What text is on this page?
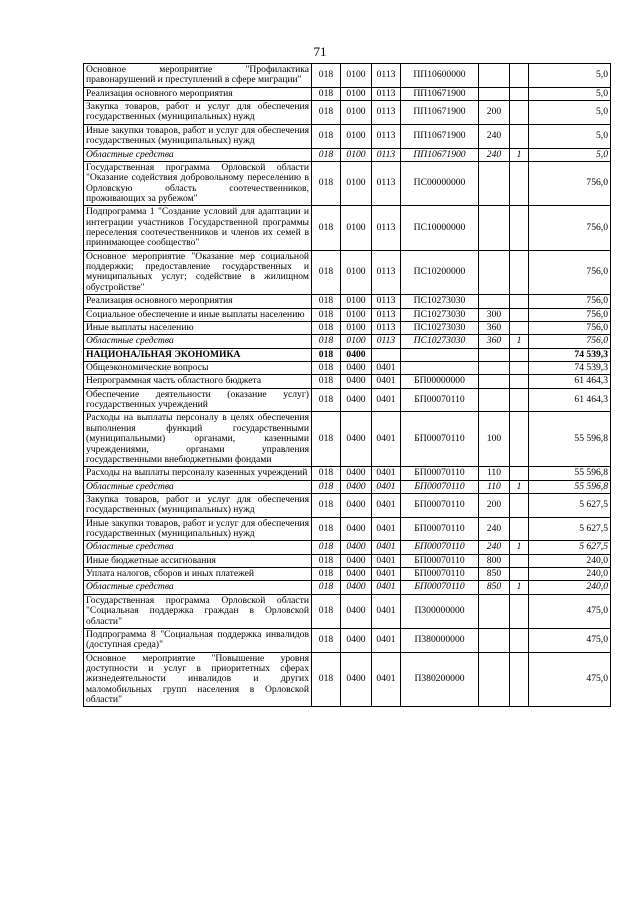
71
Основное мероприятие "Профилактика правонарушений и преступлений в сфере миграции"	018	0100	0113	ПП10600000			5,0
Реализация основного мероприятия	018	0100	0113	ПП10671900			5,0
Закупка товаров, работ и услуг для обеспечения государственных (муниципальных) нужд	018	0100	0113	ПП10671900	200		5,0
Иные закупки товаров, работ и услуг для обеспечения государственных (муниципальных) нужд	018	0100	0113	ПП10671900	240		5,0
Областные средства	018	0100	0113	ПП10671900	240	1	5,0
Государственная программа Орловской области "Оказание содействия добровольному переселению в Орловскую область соотечественников, проживающих за рубежом"	018	0100	0113	ПС00000000			756,0
Подпрограмма 1 "Создание условий для адаптации и интеграции участников Государственной программы переселения соотечественников и членов их семей в принимающее сообщество"	018	0100	0113	ПС10000000			756,0
Основное мероприятие "Оказание мер социальной поддержки; предоставление государственных и муниципальных услуг; содействие в жилищном обустройстве"	018	0100	0113	ПС10200000			756,0
Реализация основного мероприятия	018	0100	0113	ПС10273030			756,0
Социальное обеспечение и иные выплаты населению	018	0100	0113	ПС10273030	300		756,0
Иные выплаты населению	018	0100	0113	ПС10273030	360		756,0
Областные средства	018	0100	0113	ПС10273030	360	1	756,0
НАЦИОНАЛЬНАЯ ЭКОНОМИКА	018	0400					74 539,3
Общеэкономические вопросы	018	0400	0401				74 539,3
Непрограммная часть областного бюджета	018	0400	0401	БП00000000			61 464,3
Обеспечение деятельности (оказание услуг) государственных учреждений	018	0400	0401	БП00070110			61 464,3
Расходы на выплаты персоналу в целях обеспечения выполнения функций государственными (муниципальными) органами, казенными учреждениями, органами управления государственными внебюджетными фондами	018	0400	0401	БП00070110	100		55 596,8
Расходы на выплаты персоналу казенных учреждений	018	0400	0401	БП00070110	110		55 596,8
Областные средства	018	0400	0401	БП00070110	110	1	55 596,8
Закупка товаров, работ и услуг для обеспечения государственных (муниципальных) нужд	018	0400	0401	БП00070110	200		5 627,5
Иные закупки товаров, работ и услуг для обеспечения государственных (муниципальных) нужд	018	0400	0401	БП00070110	240		5 627,5
Областные средства	018	0400	0401	БП00070110	240	1	5 627,5
Иные бюджетные ассигнования	018	0400	0401	БП00070110	800		240,0
Уплата налогов, сборов и иных платежей	018	0400	0401	БП00070110	850		240,0
Областные средства	018	0400	0401	БП00070110	850	1	240,0
Государственная программа Орловской области "Социальная поддержка граждан в Орловской области"	018	0400	0401	П300000000			475,0
Подпрограмма 8 "Социальная поддержка инвалидов (доступная среда)"	018	0400	0401	П380000000			475,0
Основное мероприятие "Повышение уровня доступности и услуг в приоритетных сферах жизнедеятельности инвалидов и других маломобильных групп населения в Орловской области"	018	0400	0401	П380200000			475,0
